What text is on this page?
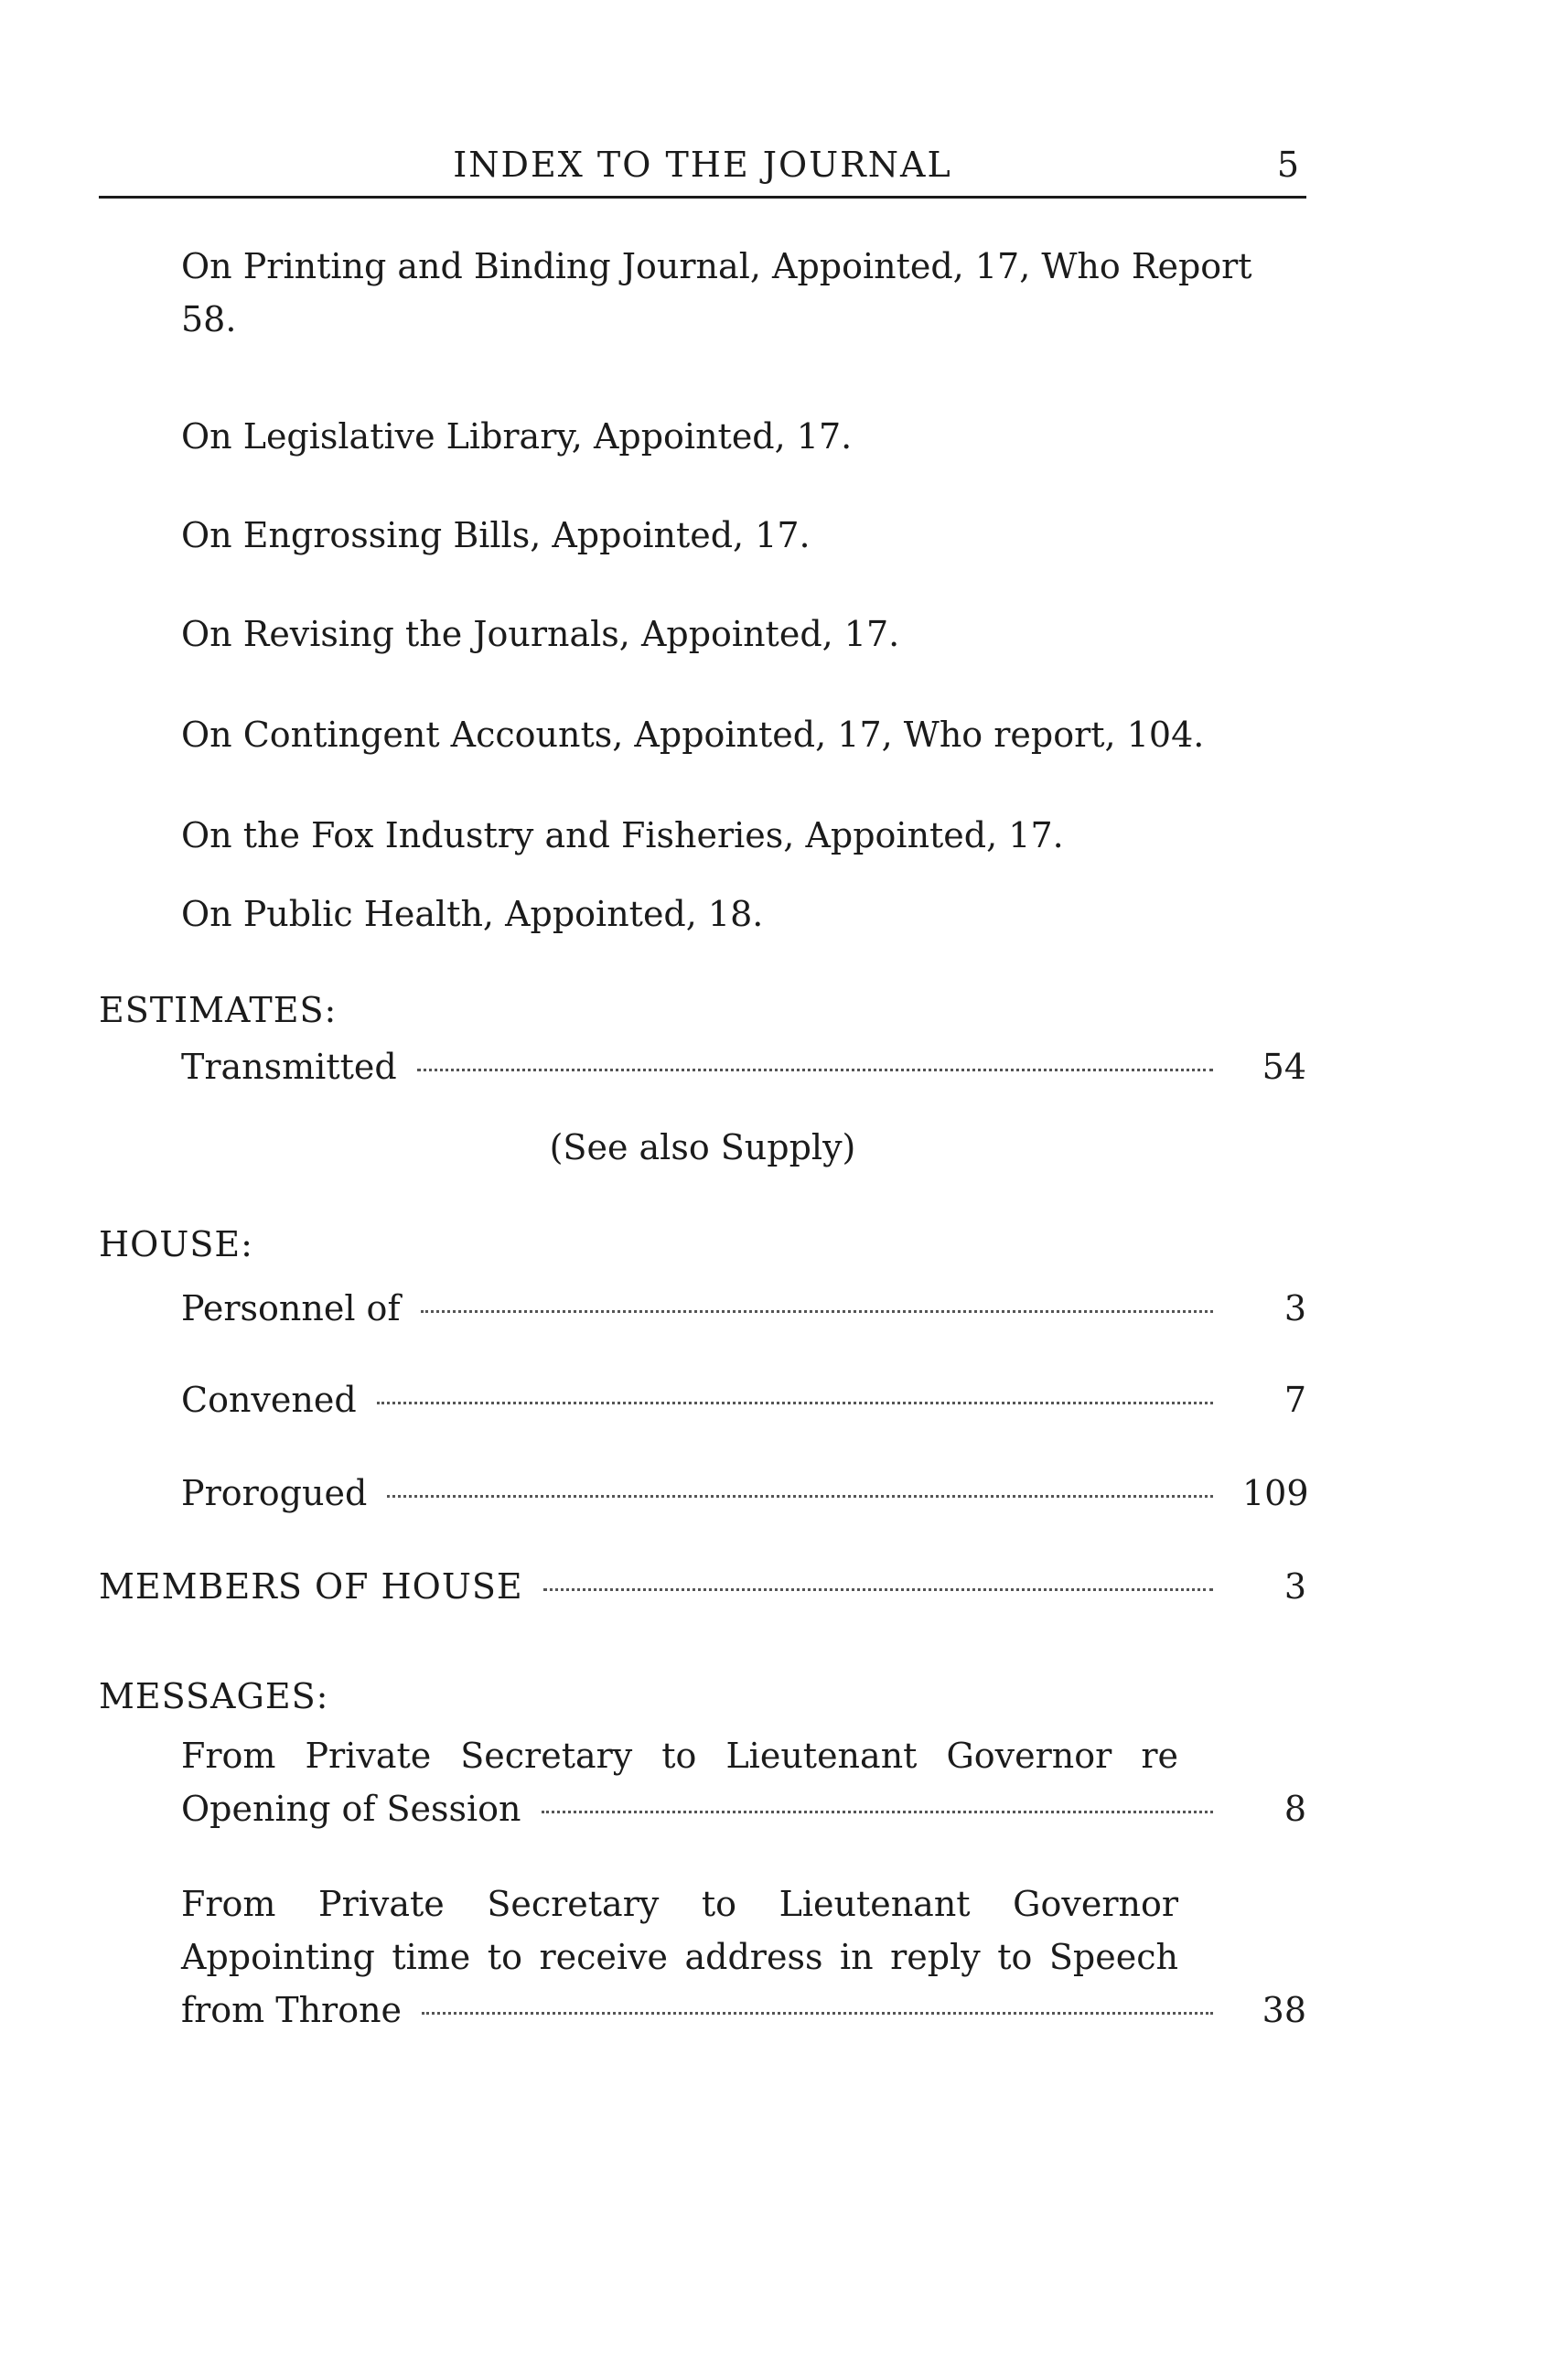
INDEX TO THE JOURNAL	5
On Printing and Binding Journal, Appointed, 17, Who Report
58.
On Legislative Library, Appointed, 17.
On Engrossing Bills, Appointed, 17.
On Revising the Journals, Appointed, 17.
On Contingent Accounts, Appointed, 17, Who report, 104.
On the Fox Industry and Fisheries, Appointed, 17.
On Public Health, Appointed, 18.
ESTIMATES:
Transmitted	54
(See also Supply)
HOUSE:
Personnel of	3
Convened	7
Prorogued	109
MEMBERS OF HOUSE	3
MESSAGES:
From Private Secretary to Lieutenant Governor re
Opening of Session	8
From Private Secretary to Lieutenant Governor
Appointing time to receive address in reply to Speech
from Throne	38
